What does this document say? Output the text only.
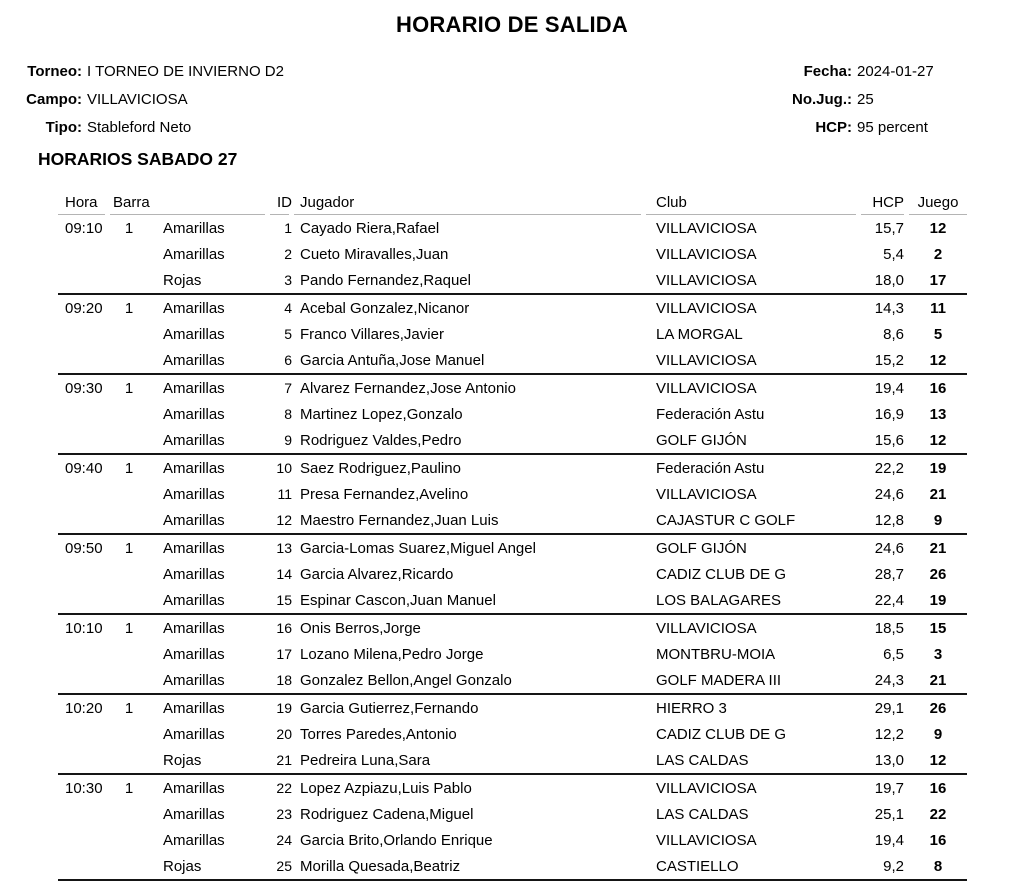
HORARIO DE SALIDA
Torneo: I TORNEO DE INVIERNO D2
Campo: VILLAVICIOSA
Tipo: Stableford Neto
Fecha: 2024-01-27
No.Jug.: 25
HCP: 95 percent
HORARIOS SABADO 27
Hora	Barra		ID	Jugador	Club	HCP	Juego
09:10	1	Amarillas	1	Cayado Riera,Rafael	VILLAVICIOSA	15,7	12
		Amarillas	2	Cueto Miravalles,Juan	VILLAVICIOSA	5,4	2
		Rojas	3	Pando Fernandez,Raquel	VILLAVICIOSA	18,0	17
09:20	1	Amarillas	4	Acebal Gonzalez,Nicanor	VILLAVICIOSA	14,3	11
		Amarillas	5	Franco Villares,Javier	LA MORGAL	8,6	5
		Amarillas	6	Garcia Antuña,Jose Manuel	VILLAVICIOSA	15,2	12
09:30	1	Amarillas	7	Alvarez Fernandez,Jose Antonio	VILLAVICIOSA	19,4	16
		Amarillas	8	Martinez Lopez,Gonzalo	Federación Astu	16,9	13
		Amarillas	9	Rodriguez Valdes,Pedro	GOLF GIJÓN	15,6	12
09:40	1	Amarillas	10	Saez Rodriguez,Paulino	Federación Astu	22,2	19
		Amarillas	11	Presa Fernandez,Avelino	VILLAVICIOSA	24,6	21
		Amarillas	12	Maestro Fernandez,Juan Luis	CAJASTUR C GOLF	12,8	9
09:50	1	Amarillas	13	Garcia-Lomas Suarez,Miguel Angel	GOLF GIJÓN	24,6	21
		Amarillas	14	Garcia Alvarez,Ricardo	CADIZ CLUB DE G	28,7	26
		Amarillas	15	Espinar Cascon,Juan Manuel	LOS BALAGARES	22,4	19
10:10	1	Amarillas	16	Onis Berros,Jorge	VILLAVICIOSA	18,5	15
		Amarillas	17	Lozano Milena,Pedro Jorge	MONTBRU-MOIA	6,5	3
		Amarillas	18	Gonzalez Bellon,Angel Gonzalo	GOLF MADERA III	24,3	21
10:20	1	Amarillas	19	Garcia Gutierrez,Fernando	HIERRO 3	29,1	26
		Amarillas	20	Torres Paredes,Antonio	CADIZ CLUB DE G	12,2	9
		Rojas	21	Pedreira Luna,Sara	LAS CALDAS	13,0	12
10:30	1	Amarillas	22	Lopez Azpiazu,Luis Pablo	VILLAVICIOSA	19,7	16
		Amarillas	23	Rodriguez Cadena,Miguel	LAS CALDAS	25,1	22
		Amarillas	24	Garcia Brito,Orlando Enrique	VILLAVICIOSA	19,4	16
		Rojas	25	Morilla Quesada,Beatriz	CASTIELLO	9,2	8
